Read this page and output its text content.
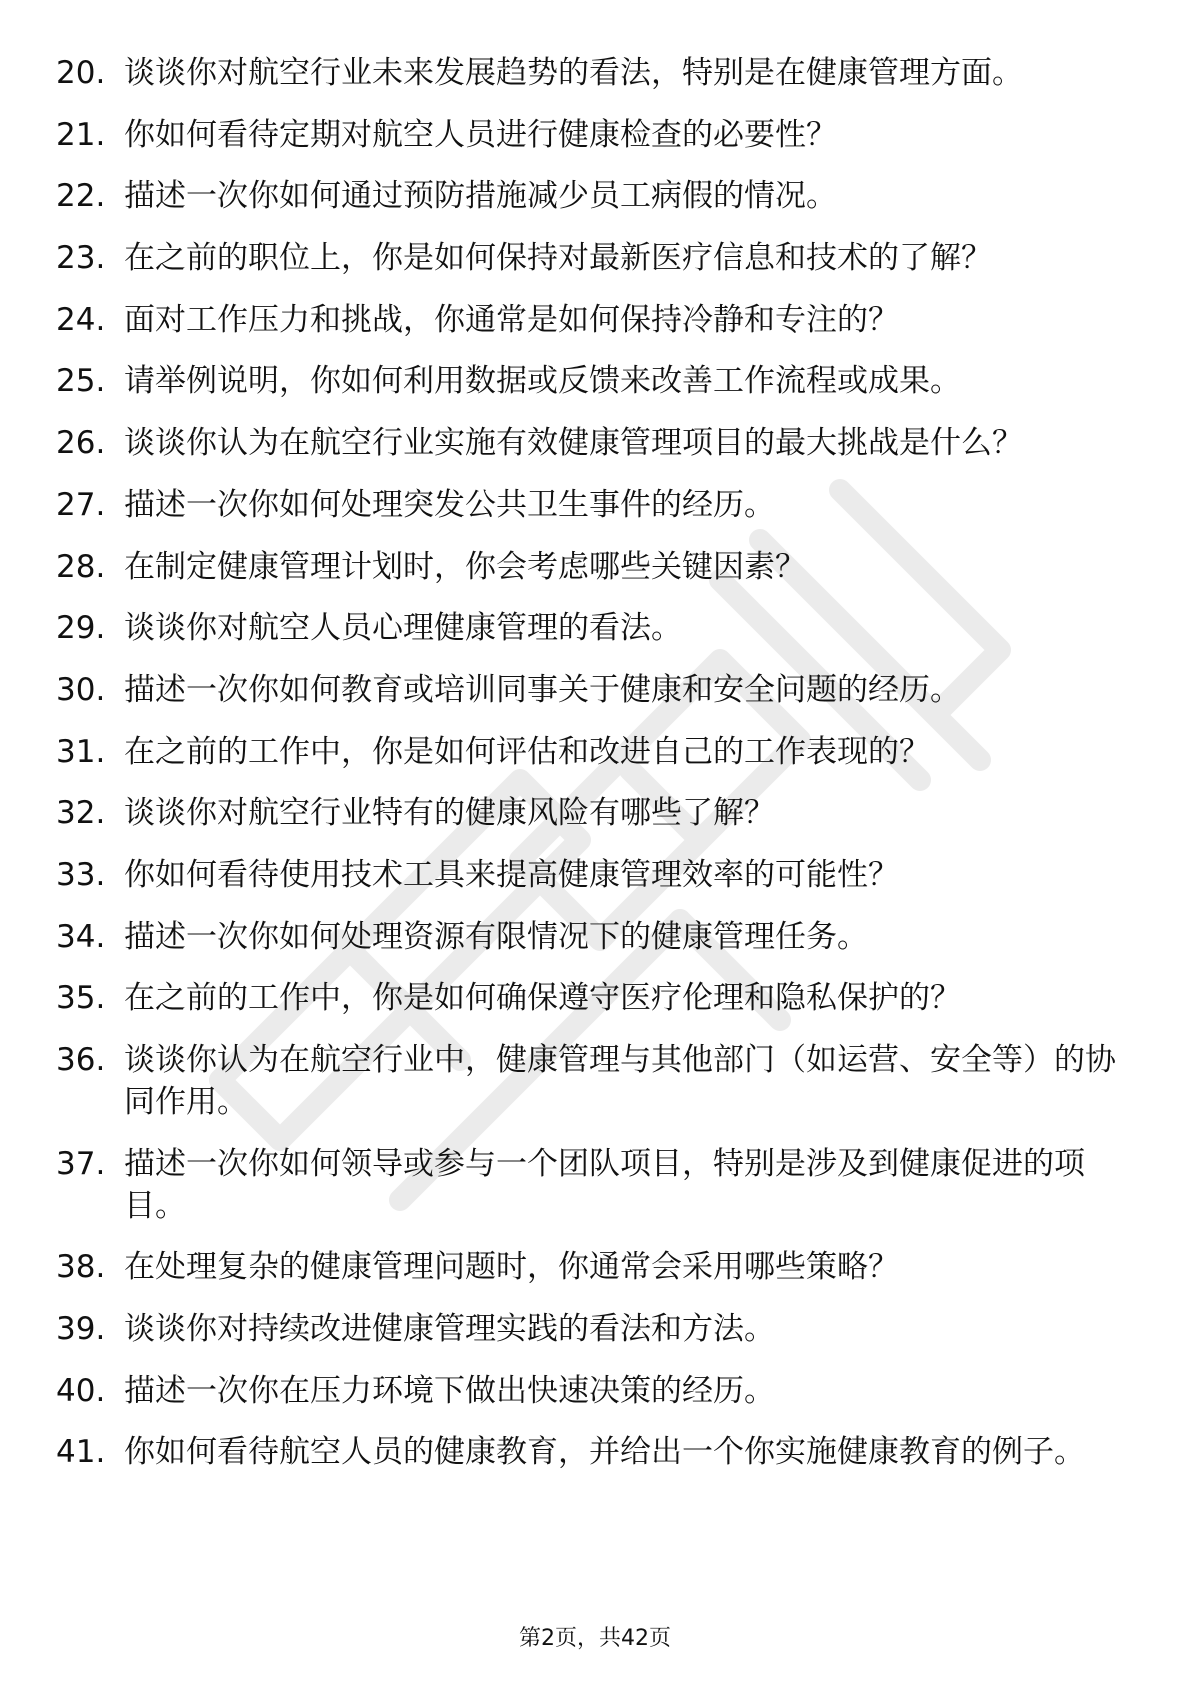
20. 谈谈你对航空行业未来发展趋势的看法，特别是在健康管理方面。
21. 你如何看待定期对航空人员进行健康检查的必要性？
22. 描述一次你如何通过预防措施减少员工病假的情况。
23. 在之前的职位上，你是如何保持对最新医疗信息和技术的了解？
24. 面对工作压力和挑战，你通常是如何保持冷静和专注的？
25. 请举例说明，你如何利用数据或反馈来改善工作流程或成果。
26. 谈谈你认为在航空行业实施有效健康管理项目的最大挑战是什么？
27. 描述一次你如何处理突发公共卫生事件的经历。
28. 在制定健康管理计划时，你会考虑哪些关键因素？
29. 谈谈你对航空人员心理健康管理的看法。
30. 描述一次你如何教育或培训同事关于健康和安全问题的经历。
31. 在之前的工作中，你是如何评估和改进自己的工作表现的？
32. 谈谈你对航空行业特有的健康风险有哪些了解？
33. 你如何看待使用技术工具来提高健康管理效率的可能性？
34. 描述一次你如何处理资源有限情况下的健康管理任务。
35. 在之前的工作中，你是如何确保遵守医疗伦理和隐私保护的？
36. 谈谈你认为在航空行业中，健康管理与其他部门（如运营、安全等）的协同作用。
37. 描述一次你如何领导或参与一个团队项目，特别是涉及到健康促进的项目。
38. 在处理复杂的健康管理问题时，你通常会采用哪些策略？
39. 谈谈你对持续改进健康管理实践的看法和方法。
40. 描述一次你在压力环境下做出快速决策的经历。
41. 你如何看待航空人员的健康教育，并给出一个你实施健康教育的例子。
第2页，共42页
